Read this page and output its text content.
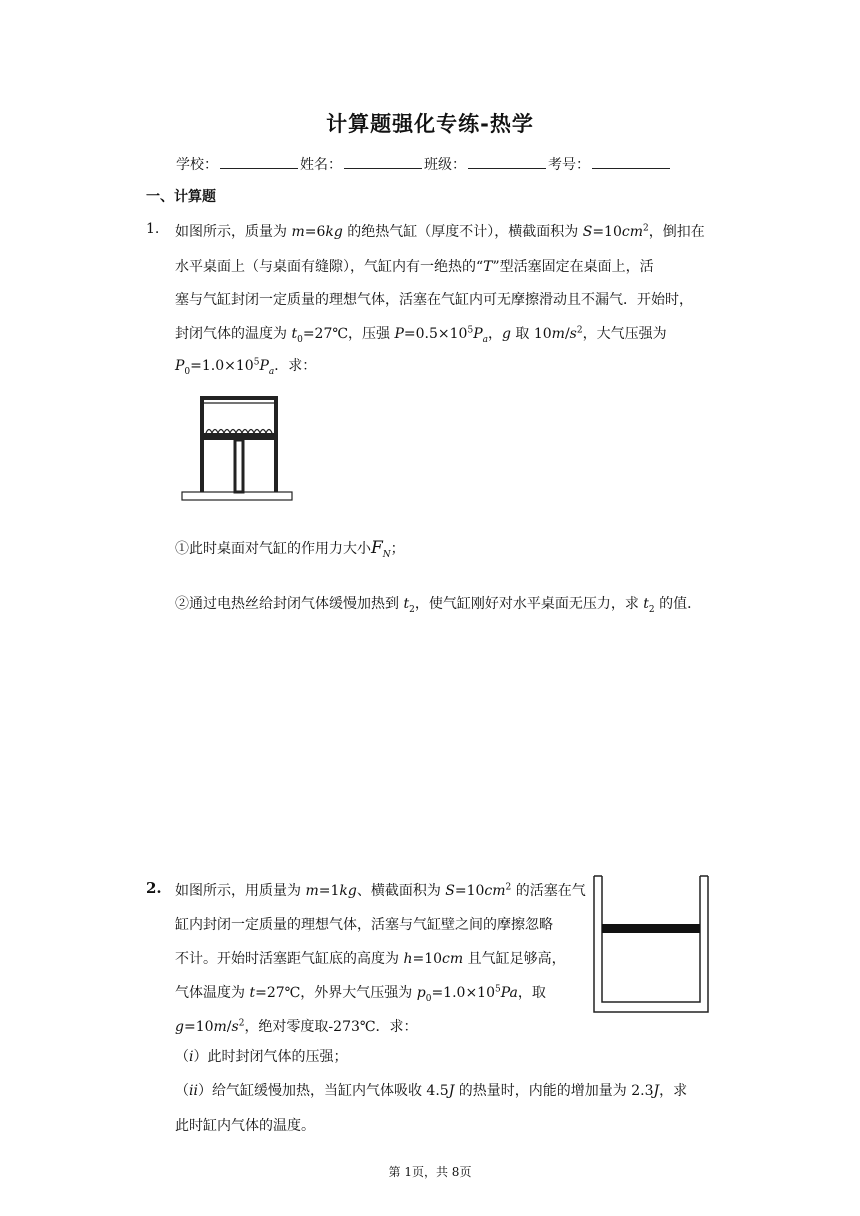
计算题强化专练-热学
学校：	姓名：	班级：	考号：
一、计算题
1. 如图所示，质量为 m=6kg 的绝热气缸（厚度不计），横截面积为 $S=10cm^2$，倒扣在
水平桌面上（与桌面有缝隙），气缸内有一绝热的“T”型活塞固定在桌面上，活
塞与气缸封闭一定质量的理想气体，活塞在气缸内可无摩擦滑动且不漏气．开始时，
封闭气体的温度为 $t_0=27℃$，压强 $P=0.5\times 10^5P_a$，g 取 $10m/s^2$，大气压强为
$P_0=1.0\times 10^5P_a$．求：
①此时桌面对气缸的作用力大小$F_N$；
②通过电热丝给封闭气体缓慢加热到 $t_2$，使气缸刚好对水平桌面无压力，求 $t_2$ 的值．
2. 如图所示，用质量为 m=1kg、横截面积为 $S=10cm^2$ 的活塞在气
缸内封闭一定质量的理想气体，活塞与气缸壁之间的摩擦忽略
不计。开始时活塞距气缸底的高度为 h=10cm 且气缸足够高，
气体温度为 t=27℃，外界大气压强为 $p_0=1.0\times 10^5Pa$，取
$g=10m/s^2$，绝对零度取-273℃．求：
（i）此时封闭气体的压强；
（ii）给气缸缓慢加热，当缸内气体吸收 4.5J 的热量时，内能的增加量为 2.3J，求
此时缸内气体的温度。
第 1页，共 8页
